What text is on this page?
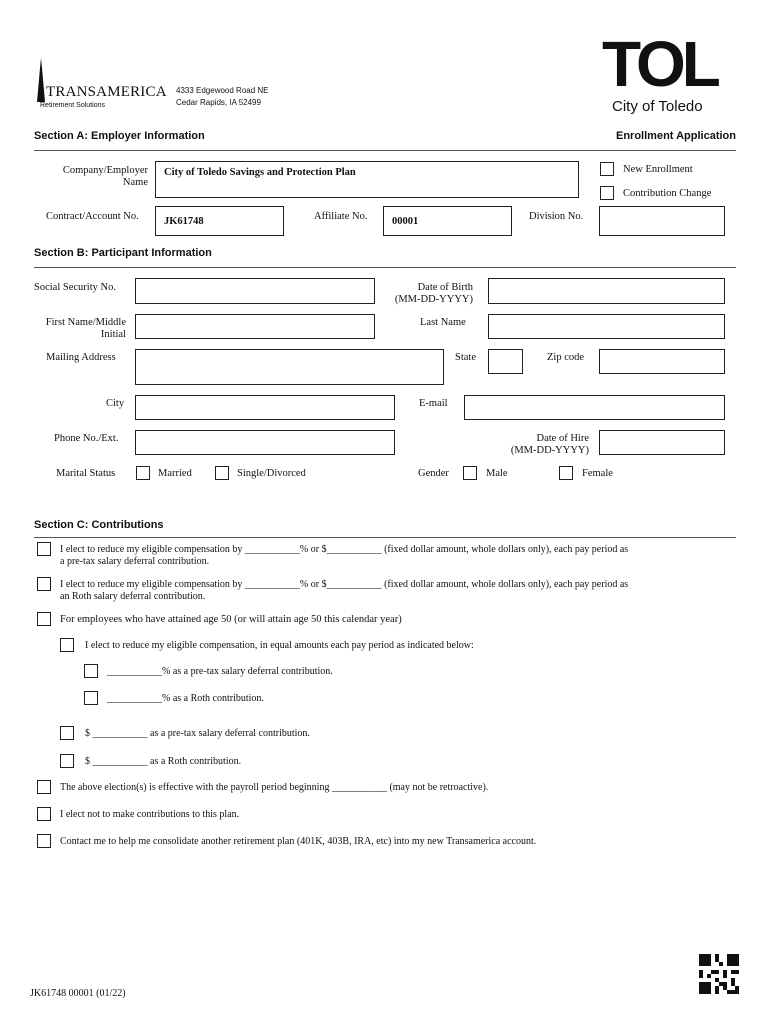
TRANSAMERICA
Retirement Solutions
4333 Edgewood Road NE
Cedar Rapids, IA 52499
TOL
City of Toledo
Section A: Employer Information	Enrollment Application
Company/Employer
Name
City of Toledo Savings and Protection Plan	New Enrollment
Contribution Change
Contract/Account No. JK61748	Affiliate No. 00001	Division No.
Section B: Participant Information
Social Security No.	Date of Birth
(MM-DD-YYYY)
First Name/Middle
Initial
Last Name
Mailing Address	State	Zip code
City	E-mail
Phone No./Ext.	Date of Hire
(MM-DD-YYYY)
Marital Status	Married	Single/Divorced	Gender	Male	Female
Section C: Contributions
I elect to reduce my eligible compensation by ___________% or $___________ (fixed dollar amount, whole dollars only), each pay period as
a pre-tax salary deferral contribution.
I elect to reduce my eligible compensation by ___________% or $___________ (fixed dollar amount, whole dollars only), each pay period as
an Roth salary deferral contribution.
For employees who have attained age 50 (or will attain age 50 this calendar year)
I elect to reduce my eligible compensation, in equal amounts each pay period as indicated below:
___________% as a pre-tax salary deferral contribution.
___________% as a Roth contribution.
$ ___________ as a pre-tax salary deferral contribution.
$ ___________ as a Roth contribution.
The above election(s) is effective with the payroll period beginning ___________ (may not be retroactive).
I elect not to make contributions to this plan.
Contact me to help me consolidate another retirement plan (401K, 403B, IRA, etc) into my new Transamerica account.
JK61748 00001 (01/22)
